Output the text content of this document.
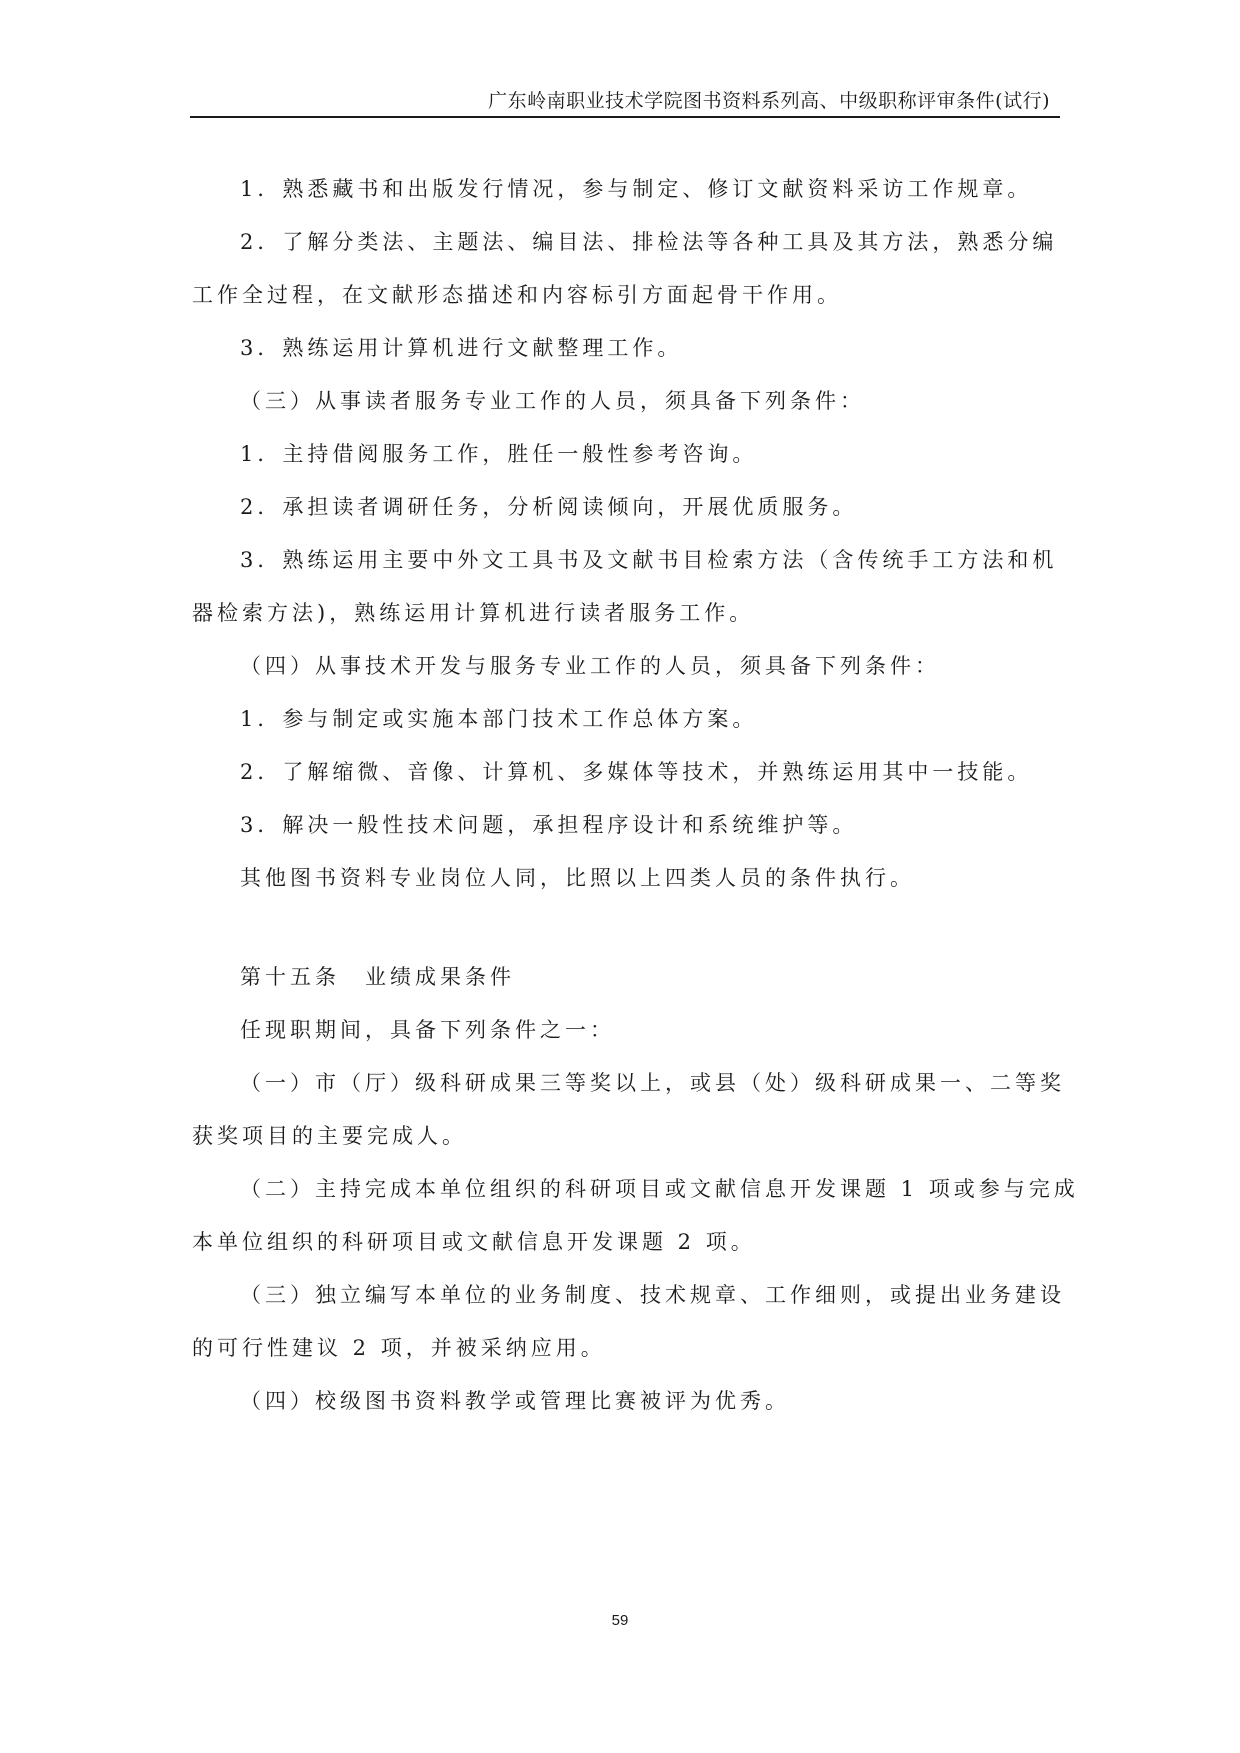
广东岭南职业技术学院图书资料系列高、中级职称评审条件(试行)

1．熟悉藏书和出版发行情况，参与制定、修订文献资料采访工作规章。

2．了解分类法、主题法、编目法、排检法等各种工具及其方法，熟悉分编

工作全过程，在文献形态描述和内容标引方面起骨干作用。

3．熟练运用计算机进行文献整理工作。

（三）从事读者服务专业工作的人员，须具备下列条件：

1．主持借阅服务工作，胜任一般性参考咨询。

2．承担读者调研任务，分析阅读倾向，开展优质服务。

3．熟练运用主要中外文工具书及文献书目检索方法（含传统手工方法和机

器检索方法)，熟练运用计算机进行读者服务工作。

（四）从事技术开发与服务专业工作的人员，须具备下列条件：

1．参与制定或实施本部门技术工作总体方案。

2．了解缩微、音像、计算机、多媒体等技术，并熟练运用其中一技能。

3．解决一般性技术问题，承担程序设计和系统维护等。

其他图书资料专业岗位人同，比照以上四类人员的条件执行。

第十五条　业绩成果条件

任现职期间，具备下列条件之一：

（一）市（厅）级科研成果三等奖以上，或县（处）级科研成果一、二等奖

获奖项目的主要完成人。

（二）主持完成本单位组织的科研项目或文献信息开发课题 1 项或参与完成

本单位组织的科研项目或文献信息开发课题 2 项。

（三）独立编写本单位的业务制度、技术规章、工作细则，或提出业务建设

的可行性建议 2 项，并被采纳应用。

（四）校级图书资料教学或管理比赛被评为优秀。

59
